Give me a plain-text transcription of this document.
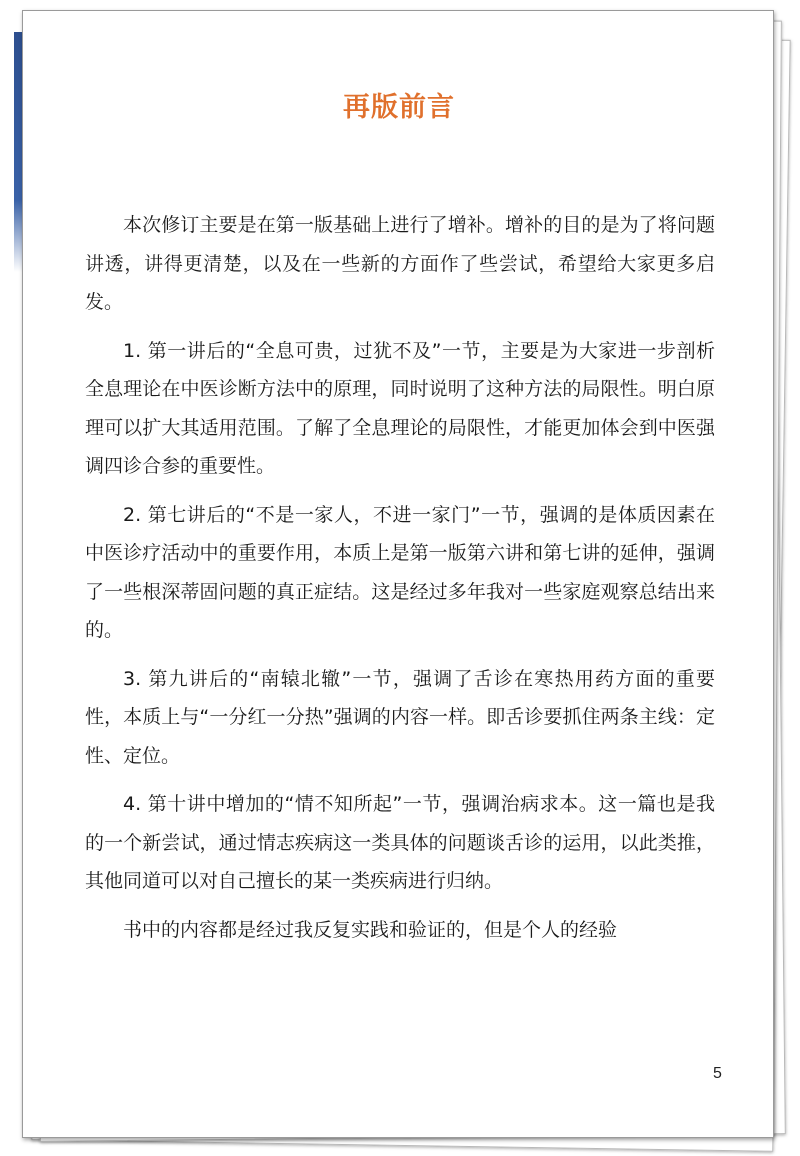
再版前言

本次修订主要是在第一版基础上进行了增补。增补的目的是为了将问题讲透，讲得更清楚，以及在一些新的方面作了些尝试，希望给大家更多启发。

1. 第一讲后的“全息可贵，过犹不及”一节，主要是为大家进一步剖析全息理论在中医诊断方法中的原理，同时说明了这种方法的局限性。明白原理可以扩大其适用范围。了解了全息理论的局限性，才能更加体会到中医强调四诊合参的重要性。

2. 第七讲后的“不是一家人，不进一家门”一节，强调的是体质因素在中医诊疗活动中的重要作用，本质上是第一版第六讲和第七讲的延伸，强调了一些根深蒂固问题的真正症结。这是经过多年我对一些家庭观察总结出来的。

3. 第九讲后的“南辕北辙”一节，强调了舌诊在寒热用药方面的重要性，本质上与“一分红一分热”强调的内容一样。即舌诊要抓住两条主线：定性、定位。

4. 第十讲中增加的“情不知所起”一节，强调治病求本。这一篇也是我的一个新尝试，通过情志疾病这一类具体的问题谈舌诊的运用，以此类推，其他同道可以对自己擅长的某一类疾病进行归纳。

书中的内容都是经过我反复实践和验证的，但是个人的经验

5
